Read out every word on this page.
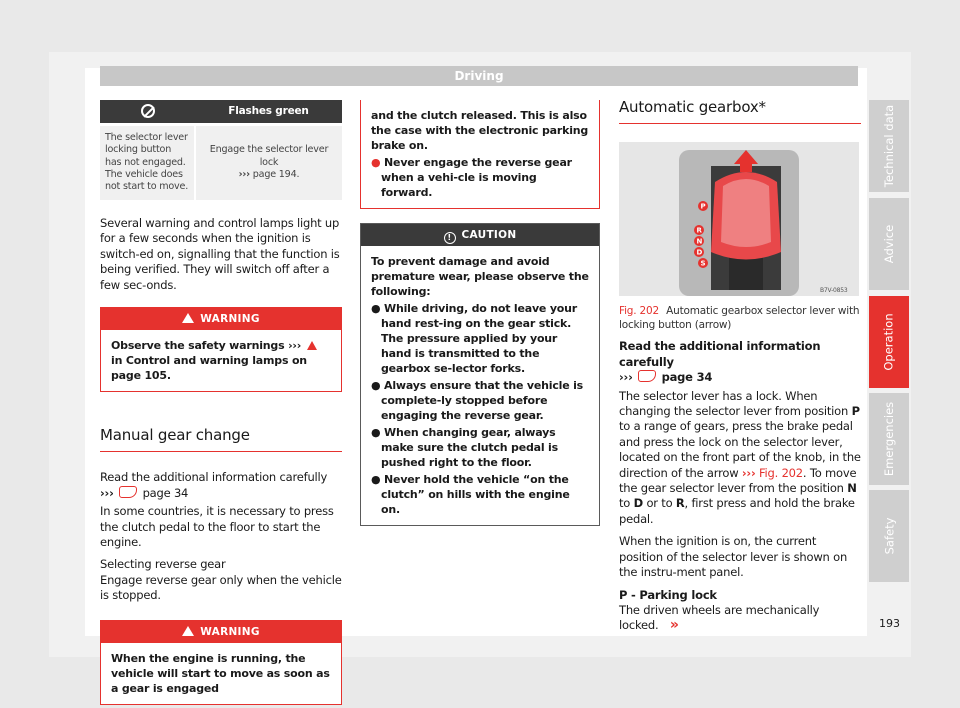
Driving
	Flashes green
The selector lever locking button has not engaged. The vehicle does not start to move.	Engage the selector lever lock
››› page 194.

Several warning and control lamps light up for a few seconds when the ignition is switch-ed on, signalling that the function is being verified. They will switch off after a few sec-onds.

WARNING
Observe the safety warnings ›››  in Control and warning lamps on page 105.
Manual gear change

Read the additional information carefully
›››	page 34

In some countries, it is necessary to press the clutch pedal to the floor to start the engine.

Selecting reverse gear
Engage reverse gear only when the vehicle is stopped.

WARNING
When the engine is running, the vehicle will start to move as soon as a gear is engaged
and the clutch released. This is also the case with the electronic parking brake on.
● Never engage the reverse gear when a vehi-cle is moving forward.
! CAUTION
To prevent damage and avoid premature wear, please observe the following:
● While driving, do not leave your hand rest-ing on the gear stick. The pressure applied by your hand is transmitted to the gearbox se-lector forks.
● Always ensure that the vehicle is complete-ly stopped before engaging the reverse gear.
● When changing gear, always make sure the clutch pedal is pushed right to the floor.
● Never hold the vehicle “on the clutch” on hills with the engine on.
Automatic gearbox*
P
R
N
D
S
B7V-0853

Fig. 202 Automatic gearbox selector lever with locking button (arrow)

Read the additional information carefully
›››	page 34

The selector lever has a lock. When changing the selector lever from position P to a range of gears, press the brake pedal and press the lock on the selector lever, located on the front part of the knob, in the direction of the arrow ››› Fig. 202. To move the gear selector lever from the position N to D or to R, first press and hold the brake pedal.

When the ignition is on, the current position of the selector lever is shown on the instru-ment panel.

P - Parking lock
The driven wheels are mechanically locked. »

Technical data
Advice
Operation
Emergencies
Safety
193
